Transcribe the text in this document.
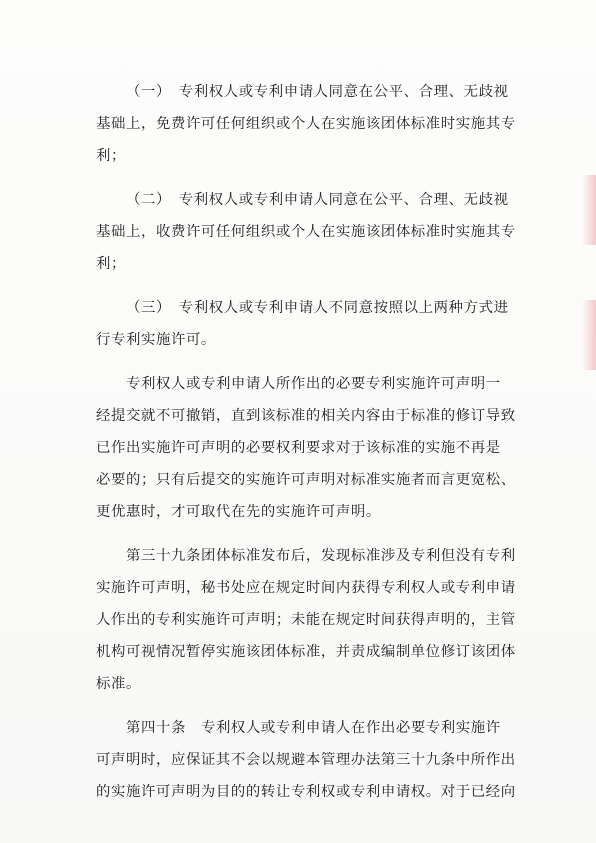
（一）　专利权人或专利申请人同意在公平、合理、无歧视
基础上，免费许可任何组织或个人在实施该团体标准时实施其专
利；

（二）　专利权人或专利申请人同意在公平、合理、无歧视
基础上，收费许可任何组织或个人在实施该团体标准时实施其专
利；

（三）　专利权人或专利申请人不同意按照以上两种方式进
行专利实施许可。

专利权人或专利申请人所作出的必要专利实施许可声明一
经提交就不可撤销，直到该标准的相关内容由于标准的修订导致
已作出实施许可声明的必要权利要求对于该标准的实施不再是
必要的；只有后提交的实施许可声明对标准实施者而言更宽松、
更优惠时，才可取代在先的实施许可声明。

第三十九条团体标准发布后，发现标准涉及专利但没有专利
实施许可声明，秘书处应在规定时间内获得专利权人或专利申请
人作出的专利实施许可声明；未能在规定时间获得声明的，主管
机构可视情况暂停实施该团体标准，并责成编制单位修订该团体
标准。

第四十条　专利权人或专利申请人在作出必要专利实施许
可声明时，应保证其不会以规避本管理办法第三十九条中所作出
的实施许可声明为目的的转让专利权或专利申请权。对于已经向
